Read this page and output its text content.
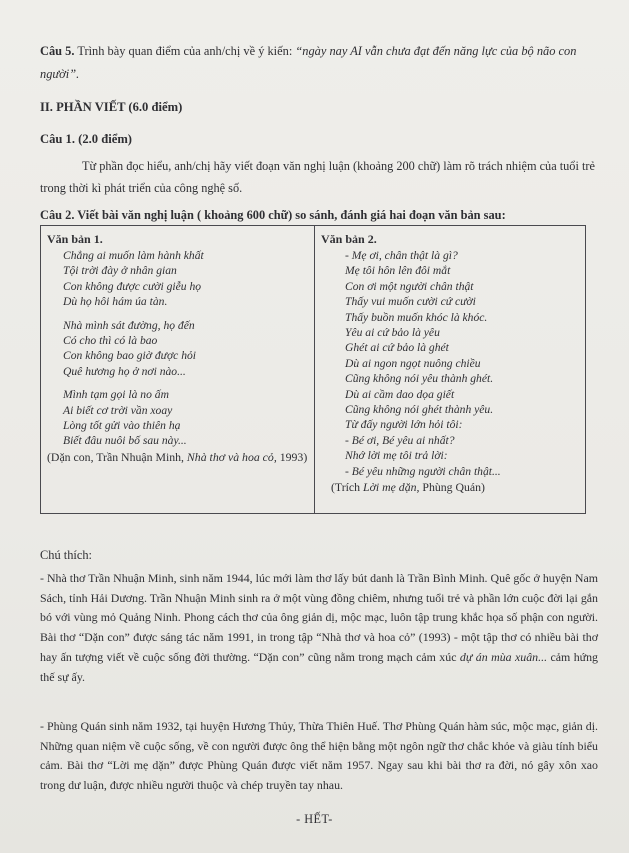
Câu 5. Trình bày quan điểm của anh/chị về ý kiến: “ngày nay AI vẫn chưa đạt đến năng lực của bộ não con người”.
II. PHẦN VIẾT (6.0 điểm)
Câu 1. (2.0 điểm)
Từ phần đọc hiểu, anh/chị hãy viết đoạn văn nghị luận (khoảng 200 chữ) làm rõ trách nhiệm của tuổi trẻ trong thời kì phát triển của công nghệ số.
Câu 2. Viết bài văn nghị luận ( khoảng 600 chữ) so sánh, đánh giá hai đoạn văn bản sau:
Văn bản 1.
Chẳng ai muốn làm hành khất
Tội trời đày ở nhân gian
Con không được cười giễu họ
Dù họ hôi hám úa tàn.
Nhà mình sát đường, họ đến
Có cho thì có là bao
Con không bao giờ được hỏi
Quê hương họ ở nơi nào...
Mình tạm gọi là no ấm
Ai biết cơ trời vần xoay
Lòng tốt gửi vào thiên hạ
Biết đâu nuôi bố sau này...
(Dặn con, Trần Nhuận Minh, Nhà thơ và hoa cỏ, 1993)

Văn bản 2.
- Mẹ ơi, chân thật là gì?
Mẹ tôi hôn lên đôi mắt
Con ơi một người chân thật
Thấy vui muốn cười cứ cười
Thấy buồn muốn khóc là khóc.
Yêu ai cứ bảo là yêu
Ghét ai cứ bảo là ghét
Dù ai ngon ngọt nuông chiều
Cũng không nói yêu thành ghét.
Dù ai cầm dao dọa giết
Cũng không nói ghét thành yêu.
Từ đấy người lớn hỏi tôi:
- Bé ơi, Bé yêu ai nhất?
Nhớ lời mẹ tôi trả lời:
- Bé yêu những người chân thật...
(Trích Lời mẹ dặn, Phùng Quán)
Chú thích:
- Nhà thơ Trần Nhuận Minh, sinh năm 1944, lúc mới làm thơ lấy bút danh là Trần Bình Minh. Quê gốc ở huyện Nam Sách, tỉnh Hải Dương. Trần Nhuận Minh sinh ra ở một vùng đồng chiêm, nhưng tuổi trẻ và phần lớn cuộc đời lại gắn bó với vùng mỏ Quảng Ninh. Phong cách thơ của ông giản dị, mộc mạc, luôn tập trung khắc họa số phận con người. Bài thơ “Dặn con” được sáng tác năm 1991, in trong tập “Nhà thơ và hoa cỏ” (1993) - một tập thơ có nhiều bài thơ hay ấn tượng viết về cuộc sống đời thường. “Dặn con” cũng nằm trong mạch cảm xúc dự án mùa xuân... cảm hứng thế sự ấy.
- Phùng Quán sinh năm 1932, tại huyện Hương Thủy, Thừa Thiên Huế. Thơ Phùng Quán hàm súc, mộc mạc, giản dị. Những quan niệm về cuộc sống, về con người được ông thể hiện bằng một ngôn ngữ thơ chắc khỏe và giàu tính biểu cảm. Bài thơ “Lời mẹ dặn” được Phùng Quán được viết năm 1957. Ngay sau khi bài thơ ra đời, nó gây xôn xao trong dư luận, được nhiều người thuộc và chép truyền tay nhau.
- HẾT-
